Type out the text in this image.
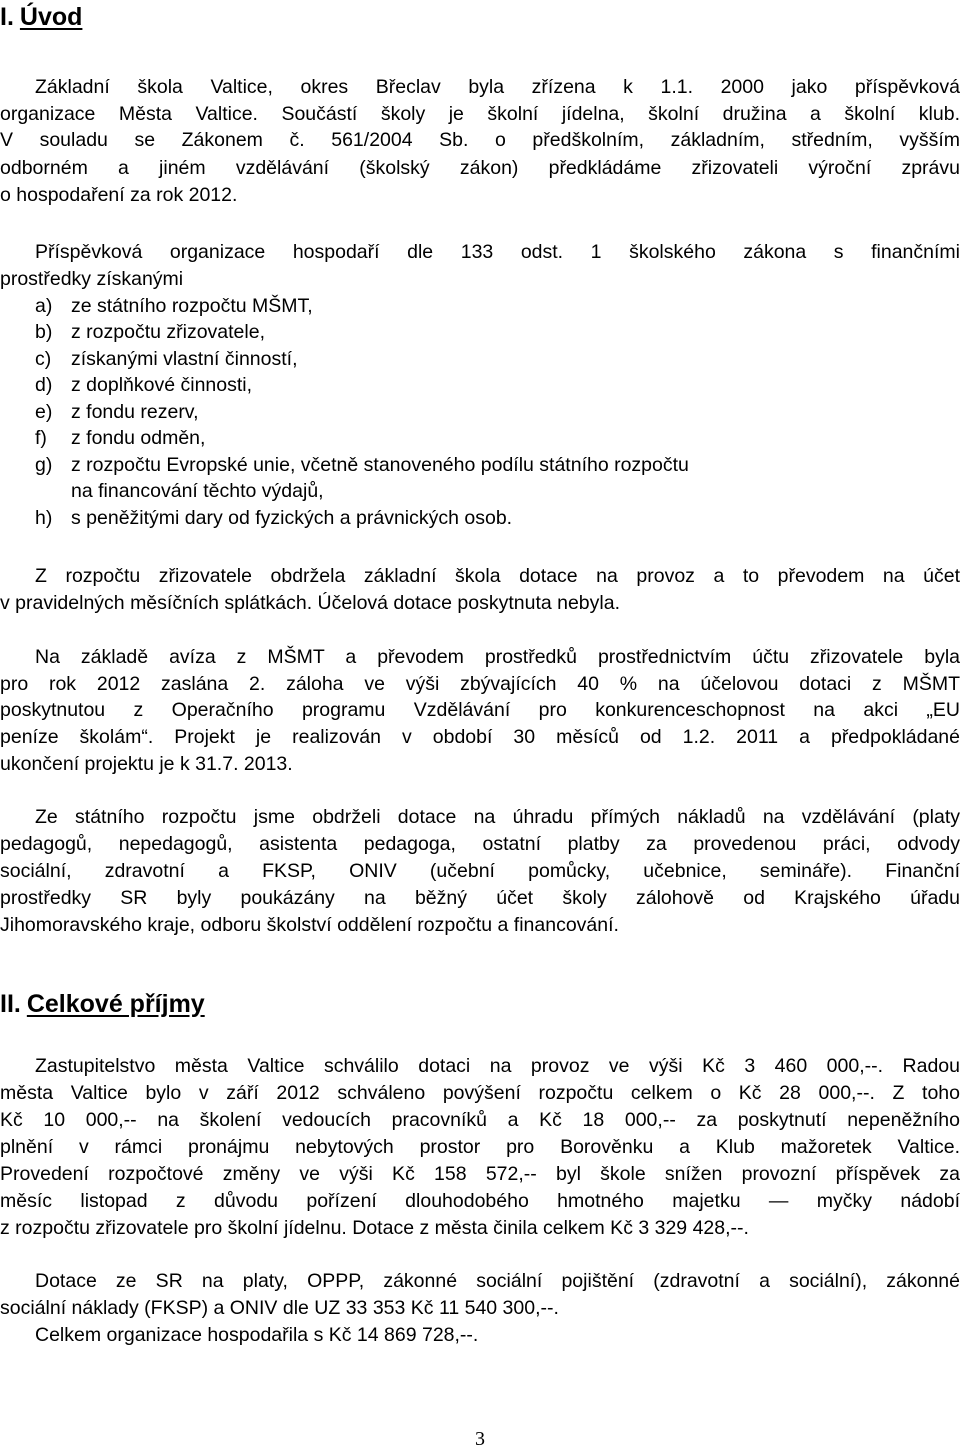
I. Úvod
Základní škola Valtice, okres Břeclav byla zřízena k 1.1. 2000 jako příspěvková
organizace Města Valtice. Součástí školy je školní jídelna, školní družina a školní klub.
V souladu se Zákonem č. 561/2004 Sb. o předškolním, základním, středním, vyšším
odborném a jiném vzdělávání (školský zákon) předkládáme zřizovateli výroční zprávu
o hospodaření za rok 2012.
Příspěvková organizace hospodaří dle 133 odst. 1 školského zákona s finančními
prostředky získanými
a) ze státního rozpočtu MŠMT,
b) z rozpočtu zřizovatele,
c) získanými vlastní činností,
d) z doplňkové činnosti,
e) z fondu rezerv,
f) z fondu odměn,
g) z rozpočtu Evropské unie, včetně stanoveného podílu státního rozpočtu
na financování těchto výdajů,
h) s peněžitými dary od fyzických a právnických osob.
Z rozpočtu zřizovatele obdržela základní škola dotace na provoz a to převodem na účet
v pravidelných měsíčních splátkách. Účelová dotace poskytnuta nebyla.
Na základě avíza z MŠMT a převodem prostředků prostřednictvím účtu zřizovatele byla
pro rok 2012 zaslána 2. záloha ve výši zbývajících 40 % na účelovou dotaci z MŠMT
poskytnutou z Operačního programu Vzdělávání pro konkurenceschopnost na akci „EU
peníze školám“. Projekt je realizován v období 30 měsíců od 1.2. 2011 a předpokládané
ukončení projektu je k 31.7. 2013.
Ze státního rozpočtu jsme obdrželi dotace na úhradu přímých nákladů na vzdělávání (platy
pedagogů, nepedagogů, asistenta pedagoga, ostatní platby za provedenou práci, odvody
sociální, zdravotní a FKSP, ONIV (učební pomůcky, učebnice, semináře). Finanční
prostředky SR byly poukázány na běžný účet školy zálohově od Krajského úřadu
Jihomoravského kraje, odboru školství oddělení rozpočtu a financování.
II. Celkové příjmy
Zastupitelstvo města Valtice schválilo dotaci na provoz ve výši Kč 3 460 000,--. Radou
města Valtice bylo v září 2012 schváleno povýšení rozpočtu celkem o Kč 28 000,--. Z toho
Kč 10 000,-- na školení vedoucích pracovníků a Kč 18 000,-- za poskytnutí nepeněžního
plnění v rámci pronájmu nebytových prostor pro Borověnku a Klub mažoretek Valtice.
Provedení rozpočtové změny ve výši Kč 158 572,-- byl škole snížen provozní příspěvek za
měsíc listopad z důvodu pořízení dlouhodobého hmotného majetku — myčky nádobí
z rozpočtu zřizovatele pro školní jídelnu. Dotace z města činila celkem Kč 3 329 428,--.
Dotace ze SR na platy, OPPP, zákonné sociální pojištění (zdravotní a sociální), zákonné
sociální náklady (FKSP) a ONIV dle UZ 33 353 Kč 11 540 300,--.
Celkem organizace hospodařila s Kč 14 869 728,--.
3
